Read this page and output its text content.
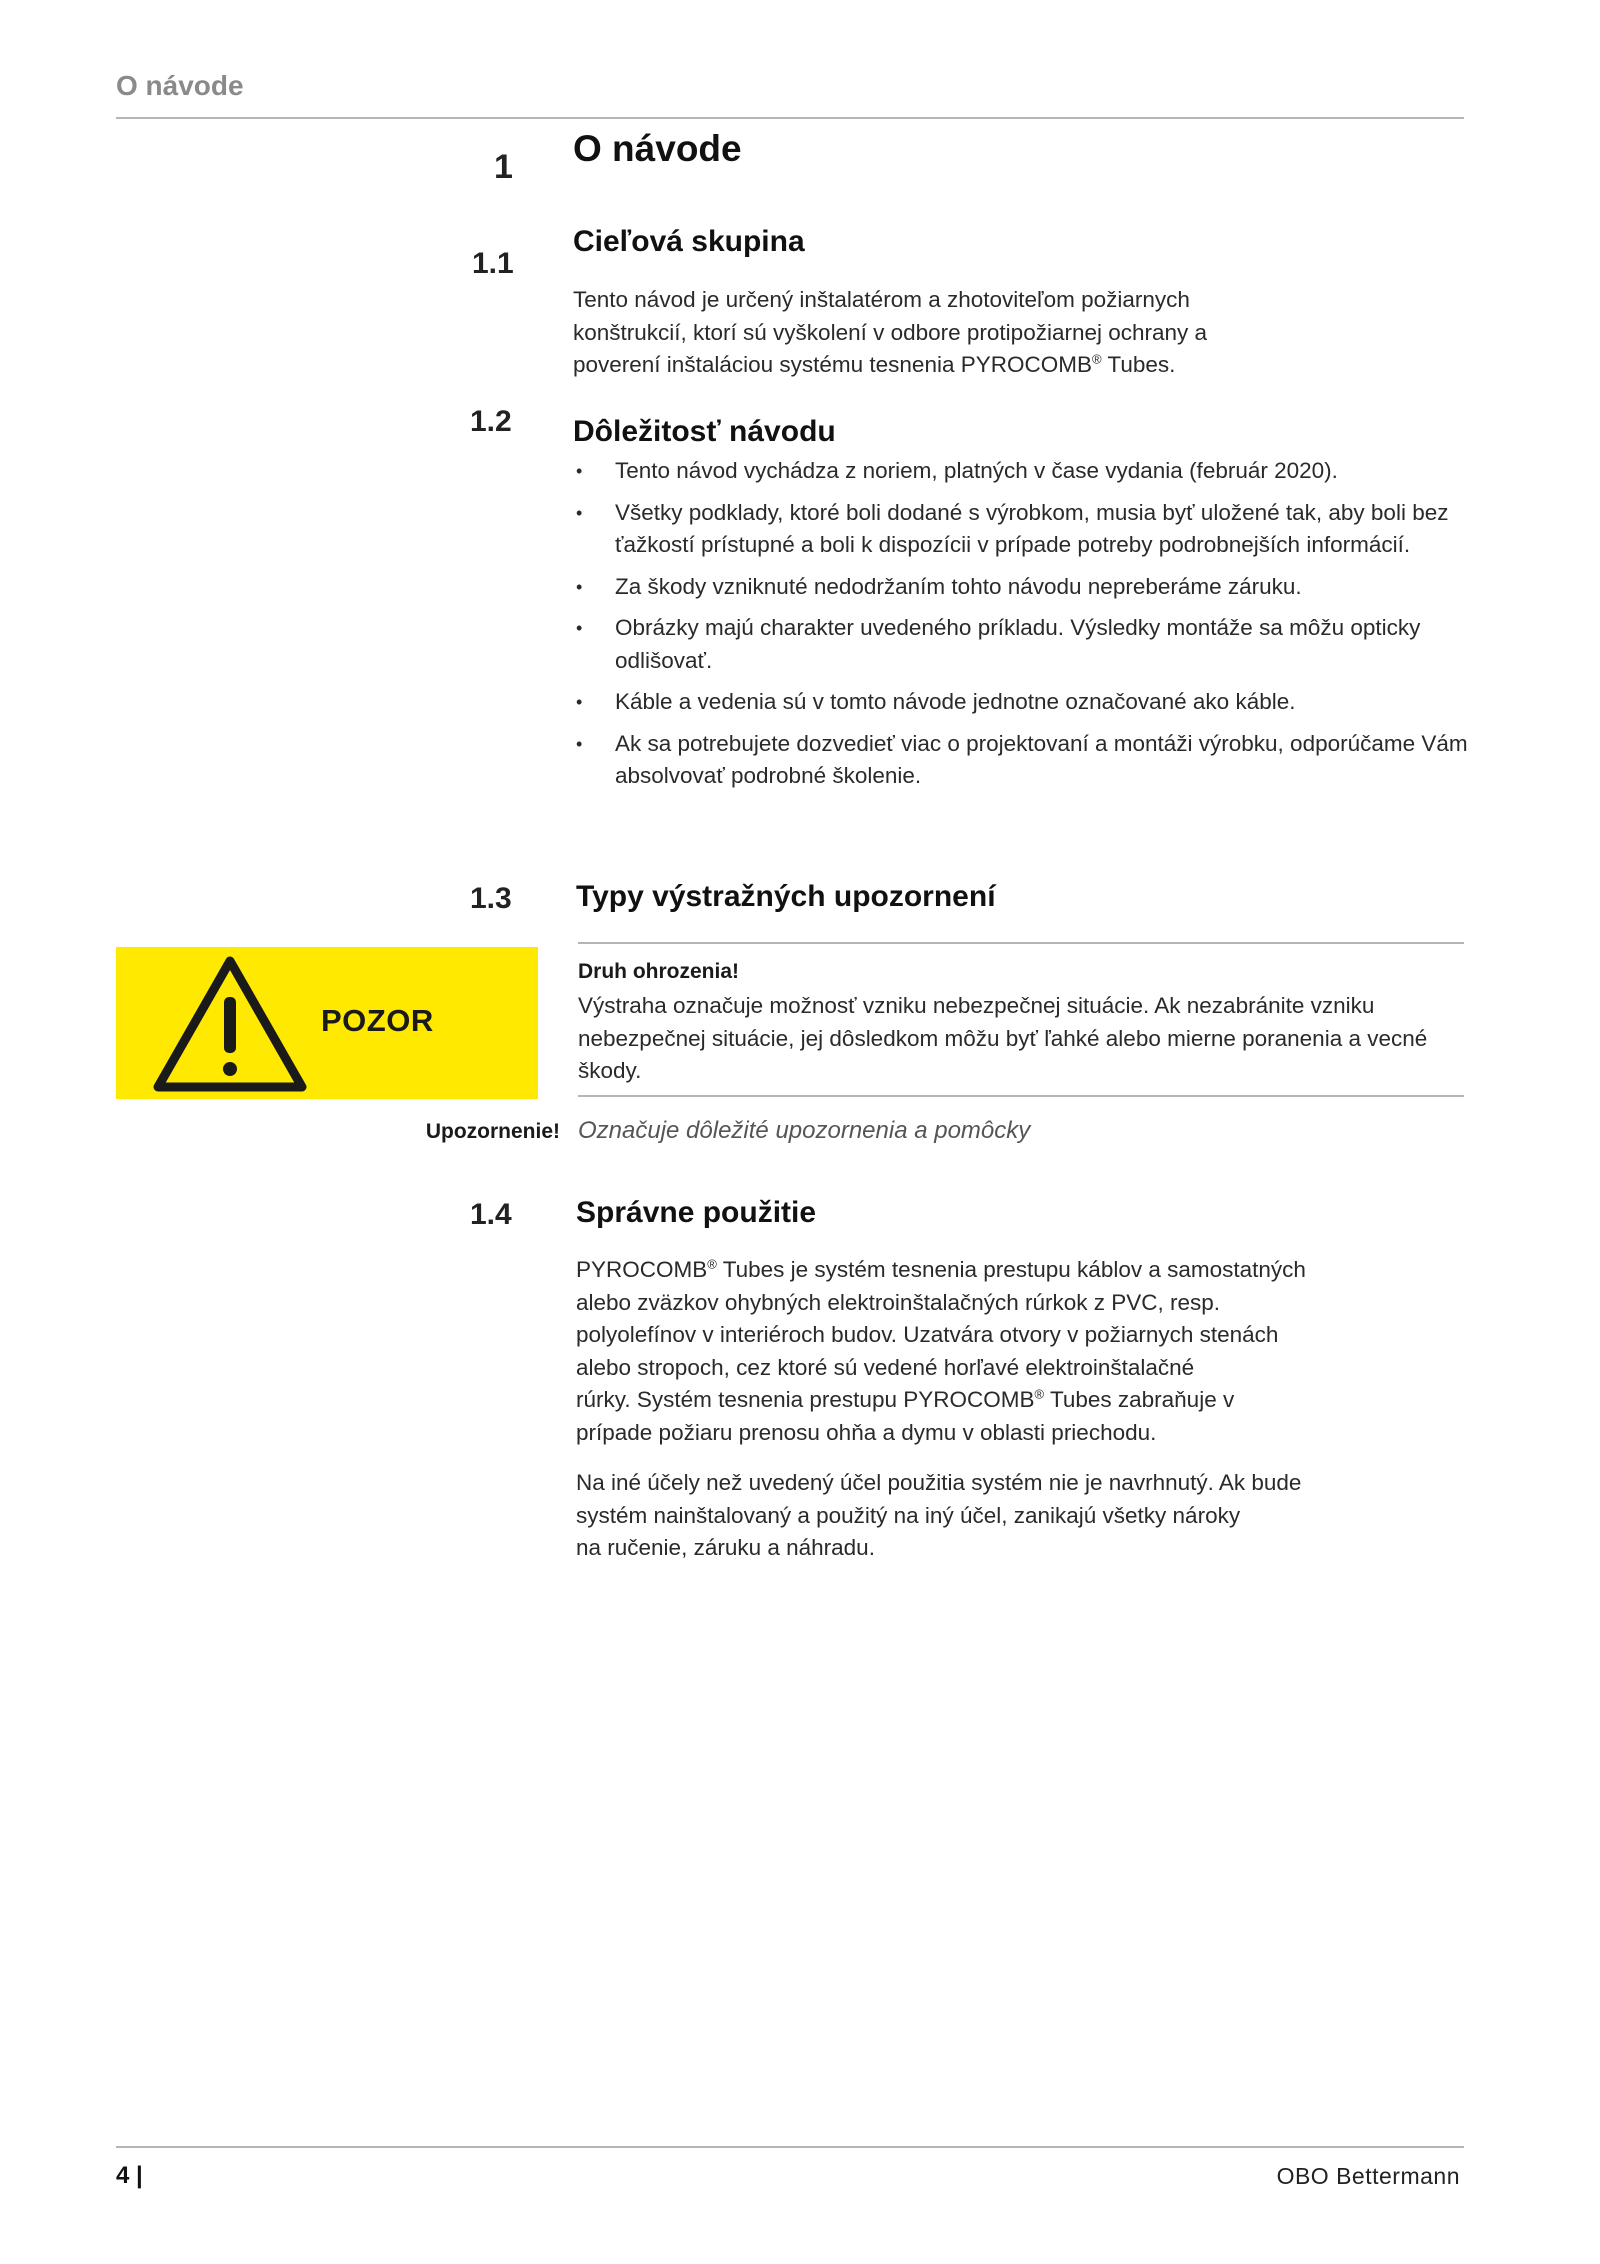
O návode
1 O návode
1.1
Cieľová skupina
Tento návod je určený inštalatérom a zhotoviteľom požiarnych
konštrukcií, ktorí sú vyškolení v odbore protipožiarnej ochrany a
poverení inštaláciou systému tesnenia PYROCOMB® Tubes.
1.2 Dôležitosť návodu
• Tento návod vychádza z noriem, platných v čase vydania (február 2020).
• Všetky podklady, ktoré boli dodané s výrobkom, musia byť uložené tak, aby boli bez ťažkostí prístupné a boli k dispozícii v prípade potreby podrobnejších informácií.
• Za škody vzniknuté nedodržaním tohto návodu nepreberáme záruku.
• Obrázky majú charakter uvedeného príkladu. Výsledky montáže sa môžu opticky odlišovať.
• Káble a vedenia sú v tomto návode jednotne označované ako káble.
• Ak sa potrebujete dozvedieť viac o projektovaní a montáži výrobku, odporúčame Vám absolvovať podrobné školenie.
1.3 Typy výstražných upozornení
POZOR
Druh ohrozenia!
Výstraha označuje možnosť vzniku nebezpečnej situácie. Ak nezabránite vzniku nebezpečnej situácie, jej dôsledkom môžu byť ľahké alebo mierne poranenia a vecné škody.
Upozornenie! Označuje dôležité upozornenia a pomôcky
1.4 Správne použitie
PYROCOMB® Tubes je systém tesnenia prestupu káblov a samostatných
alebo zväzkov ohybných elektroinštalačných rúrkok z PVC, resp.
polyolefínov v interiéroch budov. Uzatvára otvory v požiarnych stenách
alebo stropoch, cez ktoré sú vedené horľavé elektroinštalačné
rúrky. Systém tesnenia prestupu PYROCOMB® Tubes zabraňuje v
prípade požiaru prenosu ohňa a dymu v oblasti priechodu.
Na iné účely než uvedený účel použitia systém nie je navrhnutý. Ak bude
systém nainštalovaný a použitý na iný účel, zanikajú všetky nároky
na ručenie, záruku a náhradu.
4 |	OBO Bettermann
